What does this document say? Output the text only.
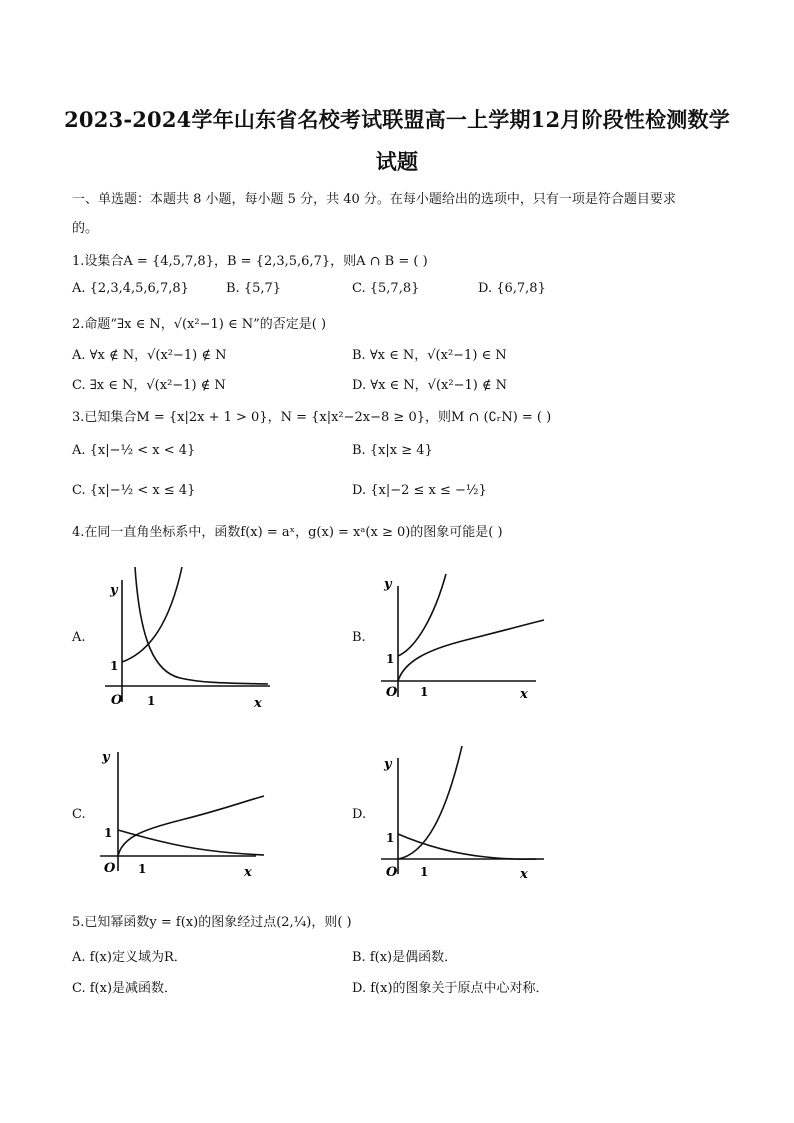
2023-2024学年山东省名校考试联盟高一上学期12月阶段性检测数学
试题
一、单选题：本题共 8 小题，每小题 5 分，共 40 分。在每小题给出的选项中，只有一项是符合题目要求
的。
1.设集合A = {4,5,7,8}，B = {2,3,5,6,7}，则A ∩ B = ( )
A. {2,3,4,5,6,7,8}	B. {5,7}	C. {5,7,8}	D. {6,7,8}
2.命题“∃x ∈ N，√(x²−1) ∈ N”的否定是( )
A. ∀x ∉ N，√(x²−1) ∉ N	B. ∀x ∈ N，√(x²−1) ∈ N
C. ∃x ∈ N，√(x²−1) ∉ N	D. ∀x ∈ N，√(x²−1) ∉ N
3.已知集合M = {x|2x + 1 > 0}，N = {x|x²−2x−8 ≥ 0}，则M ∩ (∁ᵣN) = ( )
A. {x|−½ < x < 4}	B. {x|x ≥ 4}
C. {x|−½ < x ≤ 4}	D. {x|−2 ≤ x ≤ −½}
4.在同一直角坐标系中，函数f(x) = aˣ，g(x) = xᵃ(x ≥ 0)的图象可能是( )
A.	B.
C.	D.
y
1
O 1	x
y
1
O 1	x
y
1
O 1	x
y
1
O 1	x
5.已知幂函数y = f(x)的图象经过点(2,¼)，则( )
A. f(x)定义域为R．	B. f(x)是偶函数．
C. f(x)是减函数．	D. f(x)的图象关于原点中心对称．
